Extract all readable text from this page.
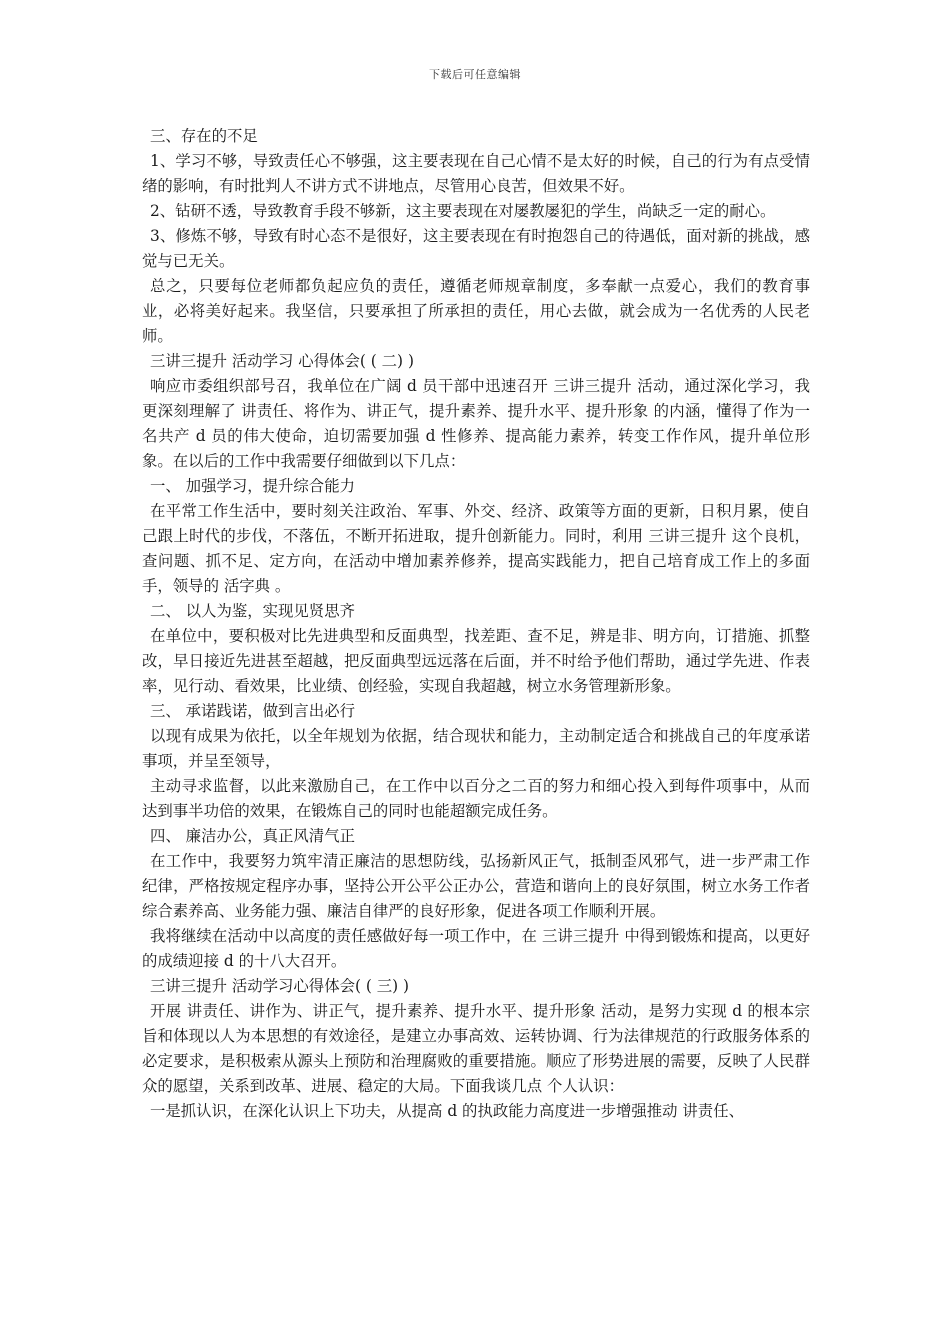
下载后可任意编辑

三、存在的不足

1、学习不够，导致责任心不够强，这主要表现在自己心情不是太好的时候，自己的行为有点受情绪的影响，有时批判人不讲方式不讲地点，尽管用心良苦，但效果不好。

2、钻研不透，导致教育手段不够新，这主要表现在对屡教屡犯的学生，尚缺乏一定的耐心。

3、修炼不够，导致有时心态不是很好，这主要表现在有时抱怨自己的待遇低，面对新的挑战，感觉与已无关。

总之，只要每位老师都负起应负的责任，遵循老师规章制度，多奉献一点爱心，我们的教育事业，必将美好起来。我坚信，只要承担了所承担的责任，用心去做，就会成为一名优秀的人民老师。

三讲三提升 活动学习 心得体会( ( 二) )

响应市委组织部号召，我单位在广阔 d 员干部中迅速召开 三讲三提升 活动，通过深化学习，我更深刻理解了 讲责任、将作为、讲正气，提升素养、提升水平、提升形象 的内涵，懂得了作为一名共产 d 员的伟大使命，迫切需要加强 d 性修养、提高能力素养，转变工作作风，提升单位形象。在以后的工作中我需要仔细做到以下几点：

一、 加强学习，提升综合能力

在平常工作生活中，要时刻关注政治、军事、外交、经济、政策等方面的更新，日积月累，使自己跟上时代的步伐，不落伍，不断开拓进取，提升创新能力。同时，利用 三讲三提升 这个良机，查问题、抓不足、定方向，在活动中增加素养修养，提高实践能力，把自己培育成工作上的多面手，领导的 活字典 。

二、 以人为鉴，实现见贤思齐

在单位中，要积极对比先进典型和反面典型，找差距、查不足，辨是非、明方向，订措施、抓整改，早日接近先进甚至超越，把反面典型远远落在后面，并不时给予他们帮助，通过学先进、作表率，见行动、看效果，比业绩、创经验，实现自我超越，树立水务管理新形象。

三、 承诺践诺，做到言出必行

以现有成果为依托，以全年规划为依据，结合现状和能力，主动制定适合和挑战自己的年度承诺事项，并呈至领导，

主动寻求监督，以此来激励自己，在工作中以百分之二百的努力和细心投入到每件项事中，从而达到事半功倍的效果，在锻炼自己的同时也能超额完成任务。

四、 廉洁办公，真正风清气正

在工作中，我要努力筑牢清正廉洁的思想防线，弘扬新风正气，抵制歪风邪气，进一步严肃工作纪律，严格按规定程序办事，坚持公开公平公正办公，营造和谐向上的良好氛围，树立水务工作者综合素养高、业务能力强、廉洁自律严的良好形象，促进各项工作顺利开展。

我将继续在活动中以高度的责任感做好每一项工作中，在 三讲三提升 中得到锻炼和提高，以更好的成绩迎接 d 的十八大召开。

三讲三提升 活动学习心得体会( ( 三) )

开展 讲责任、讲作为、讲正气，提升素养、提升水平、提升形象 活动，是努力实现 d 的根本宗旨和体现以人为本思想的有效途径，是建立办事高效、运转协调、行为法律规范的行政服务体系的必定要求，是积极索从源头上预防和治理腐败的重要措施。顺应了形势进展的需要，反映了人民群众的愿望，关系到改革、进展、稳定的大局。下面我谈几点 个人认识：

一是抓认识，在深化认识上下功夫，从提高 d 的执政能力高度进一步增强推动 讲责任、
